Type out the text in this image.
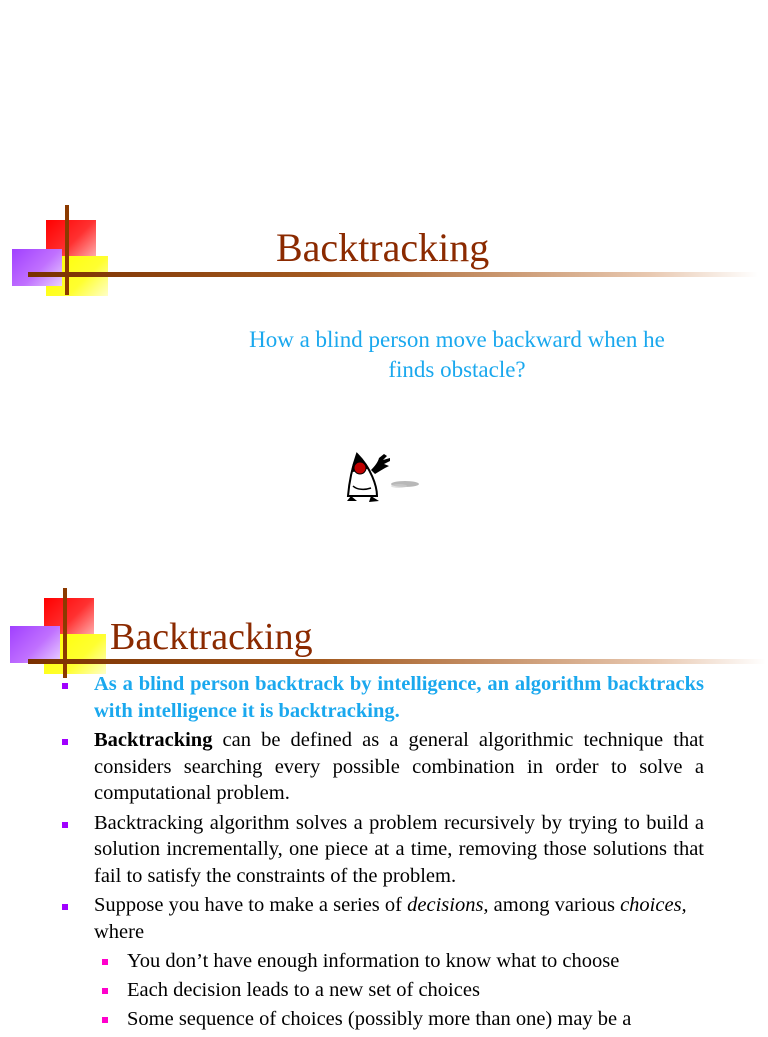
Backtracking
How a blind person move backward when he
finds obstacle?
Backtracking
As a blind person backtrack by intelligence, an algorithm backtracks with intelligence it is backtracking.
Backtracking can be defined as a general algorithmic technique that considers searching every possible combination in order to solve a computational problem.
Backtracking algorithm solves a problem recursively by trying to build a solution incrementally, one piece at a time, removing those solutions that fail to satisfy the constraints of the problem.
Suppose you have to make a series of decisions, among various choices, where
You don’t have enough information to know what to choose
Each decision leads to a new set of choices
Some sequence of choices (possibly more than one) may be a
